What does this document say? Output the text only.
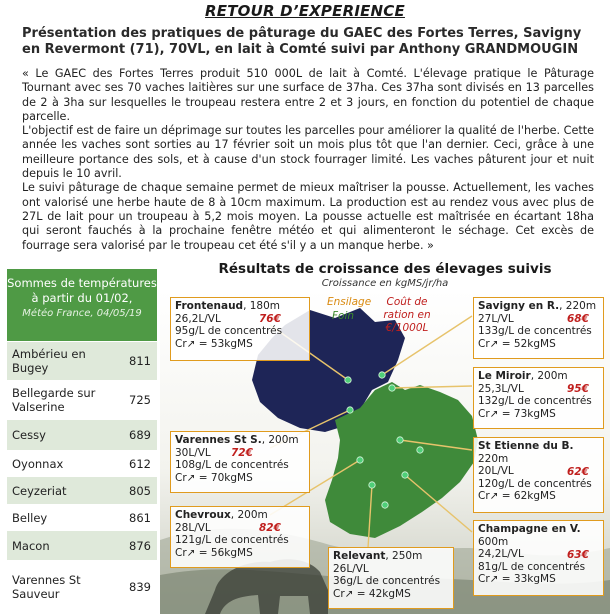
RETOUR D’EXPERIENCE
Présentation des pratiques de pâturage du GAEC des Fortes Terres, Savigny en Revermont (71), 70VL, en lait à Comté suivi par Anthony GRANDMOUGIN

« Le GAEC des Fortes Terres produit 510 000L de lait à Comté. L'élevage pratique le Pâturage Tournant avec ses 70 vaches laitières sur une surface de 37ha. Ces 37ha sont divisés en 13 parcelles de 2 à 3ha sur lesquelles le troupeau restera entre 2 et 3 jours, en fonction du potentiel de chaque parcelle.

L'objectif est de faire un déprimage sur toutes les parcelles pour améliorer la qualité de l'herbe. Cette année les vaches sont sorties au 17 février soit un mois plus tôt que l'an dernier. Ceci, grâce à une meilleure portance des sols, et à cause d'un stock fourrager limité. Les vaches pâturent jour et nuit depuis le 10 avril.

Le suivi pâturage de chaque semaine permet de mieux maîtriser la pousse. Actuellement, les vaches ont valorisé une herbe haute de 8 à 10cm maximum. La production est au rendez vous avec plus de 27L de lait pour un troupeau à 5,2 mois moyen. La pousse actuelle est maîtrisée en écartant 18ha qui seront fauchés à la prochaine fenêtre météo et qui alimenteront le séchage. Cet excès de fourrage sera valorisé par le troupeau cet été s'il y a un manque herbe. »

Sommes de températures à partir du 01/02,
Météo France, 04/05/19
Ambérieu en Bugey	811
Bellegarde sur Valserine	725
Cessy	689
Oyonnax	612
Ceyzeriat	805
Belley	861
Macon	876
Varennes St Sauveur	839
Résultats de croissance des élevages suivis
Croissance en kgMS/jr/ha
Ensilage
Foin
Coût de ration en €/1000L
Frontenaud, 180m
26,2L/VL	76€
95g/L de concentrés
Cr↗ = 53kgMS
Savigny en R., 220m
27L/VL	68€
133g/L de concentrés
Cr↗ = 52kgMS
Le Miroir, 200m
25,3L/VL	95€
132g/L de concentrés
Cr↗ = 73kgMS
Varennes St S., 200m
30L/VL	72€
108g/L de concentrés
Cr↗ = 70kgMS
St Etienne du B.
220m
20L/VL	62€
120g/L de concentrés
Cr↗ = 62kgMS
Chevroux, 200m
28L/VL	82€
121g/L de concentrés
Cr↗ = 56kgMS
Champagne en V.
600m
24,2L/VL	63€
81g/L de concentrés
Cr↗ = 33kgMS
Relevant, 250m
26L/VL
36g/L de concentrés
Cr↗ = 42kgMS
